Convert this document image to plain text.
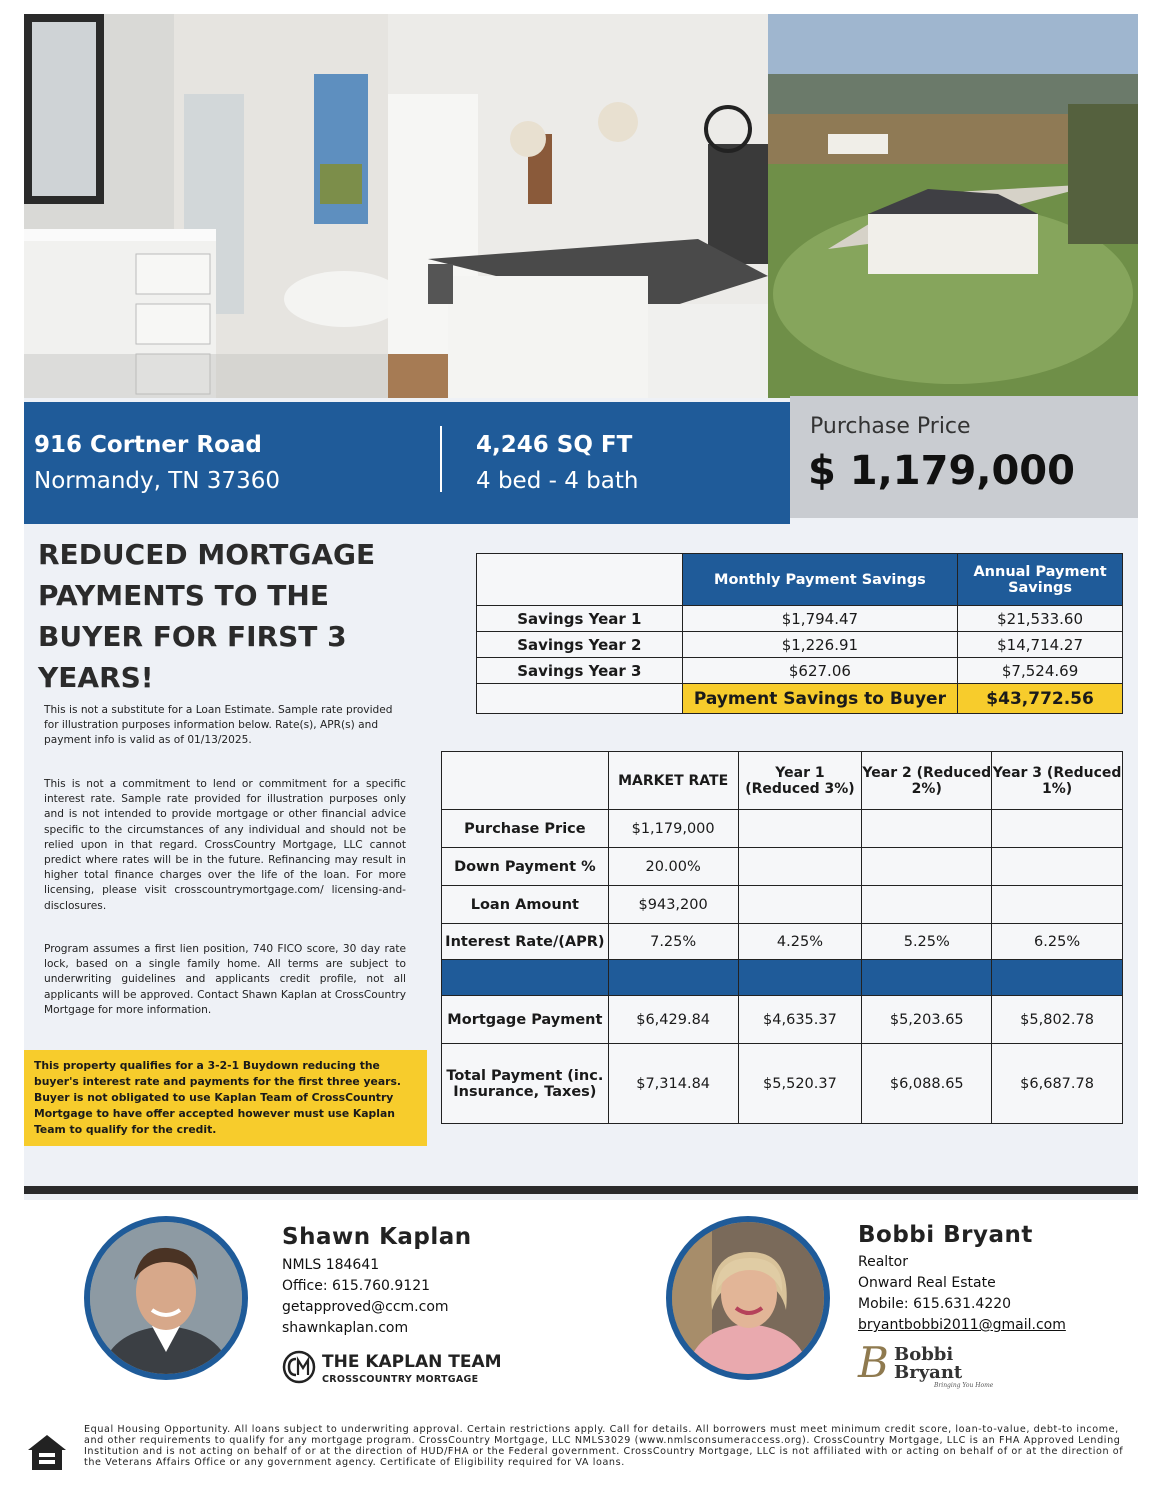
916 Cortner Road
Normandy, TN 37360
4,246 SQ FT
4 bed - 4 bath
Purchase Price
$ 1,179,000
REDUCED MORTGAGE PAYMENTS TO THE BUYER FOR FIRST 3 YEARS!
This is not a substitute for a Loan Estimate. Sample rate provided for illustration purposes information below. Rate(s), APR(s) and payment info is valid as of 01/13/2025.
This is not a commitment to lend or commitment for a specific interest rate. Sample rate provided for illustration purposes only and is not intended to provide mortgage or other financial advice specific to the circumstances of any individual and should not be relied upon in that regard. CrossCountry Mortgage, LLC cannot predict where rates will be in the future. Refinancing may result in higher total finance charges over the life of the loan. For more licensing, please visit crosscountrymortgage.com/ licensing-and-disclosures.
Program assumes a first lien position, 740 FICO score, 30 day rate lock, based on a single family home. All terms are subject to underwriting guidelines and applicants credit profile, not all applicants will be approved. Contact Shawn Kaplan at CrossCountry Mortgage for more information.
This property qualifies for a 3-2-1 Buydown reducing the buyer's interest rate and payments for the first three years. Buyer is not obligated to use Kaplan Team of CrossCountry Mortgage to have offer accepted however must use Kaplan Team to qualify for the credit.
	Monthly Payment Savings	Annual Payment Savings
Savings Year 1	$1,794.47	$21,533.60
Savings Year 2	$1,226.91	$14,714.27
Savings Year 3	$627.06	$7,524.69
	Payment Savings to Buyer	$43,772.56
	MARKET RATE	Year 1 (Reduced 3%)	Year 2 (Reduced 2%)	Year 3 (Reduced 1%)
Purchase Price	$1,179,000			
Down Payment %	20.00%			
Loan Amount	$943,200			
Interest Rate/(APR)	7.25%	4.25%	5.25%	6.25%

Mortgage Payment	$6,429.84	$4,635.37	$5,203.65	$5,802.78
Total Payment (inc. Insurance, Taxes)	$7,314.84	$5,520.37	$6,088.65	$6,687.78
Shawn Kaplan
NMLS 184641
Office: 615.760.9121
getapproved@ccm.com
shawnkaplan.com
THE KAPLAN TEAM
CROSSCOUNTRY MORTGAGE
Bobbi Bryant
Realtor
Onward Real Estate
Mobile: 615.631.4220
bryantbobbi2011@gmail.com
B Bobbi
Bryant
Bringing You Home
Equal Housing Opportunity. All loans subject to underwriting approval. Certain restrictions apply. Call for details. All borrowers must meet minimum credit score, loan-to-value, debt-to income, and other requirements to qualify for any mortgage program. CrossCountry Mortgage, LLC NMLS3029 (www.nmlsconsumeraccess.org). CrossCountry Mortgage, LLC is an FHA Approved Lending Institution and is not acting on behalf of or at the direction of HUD/FHA or the Federal government. CrossCountry Mortgage, LLC is not affiliated with or acting on behalf of or at the direction of the Veterans Affairs Office or any government agency. Certificate of Eligibility required for VA loans.
